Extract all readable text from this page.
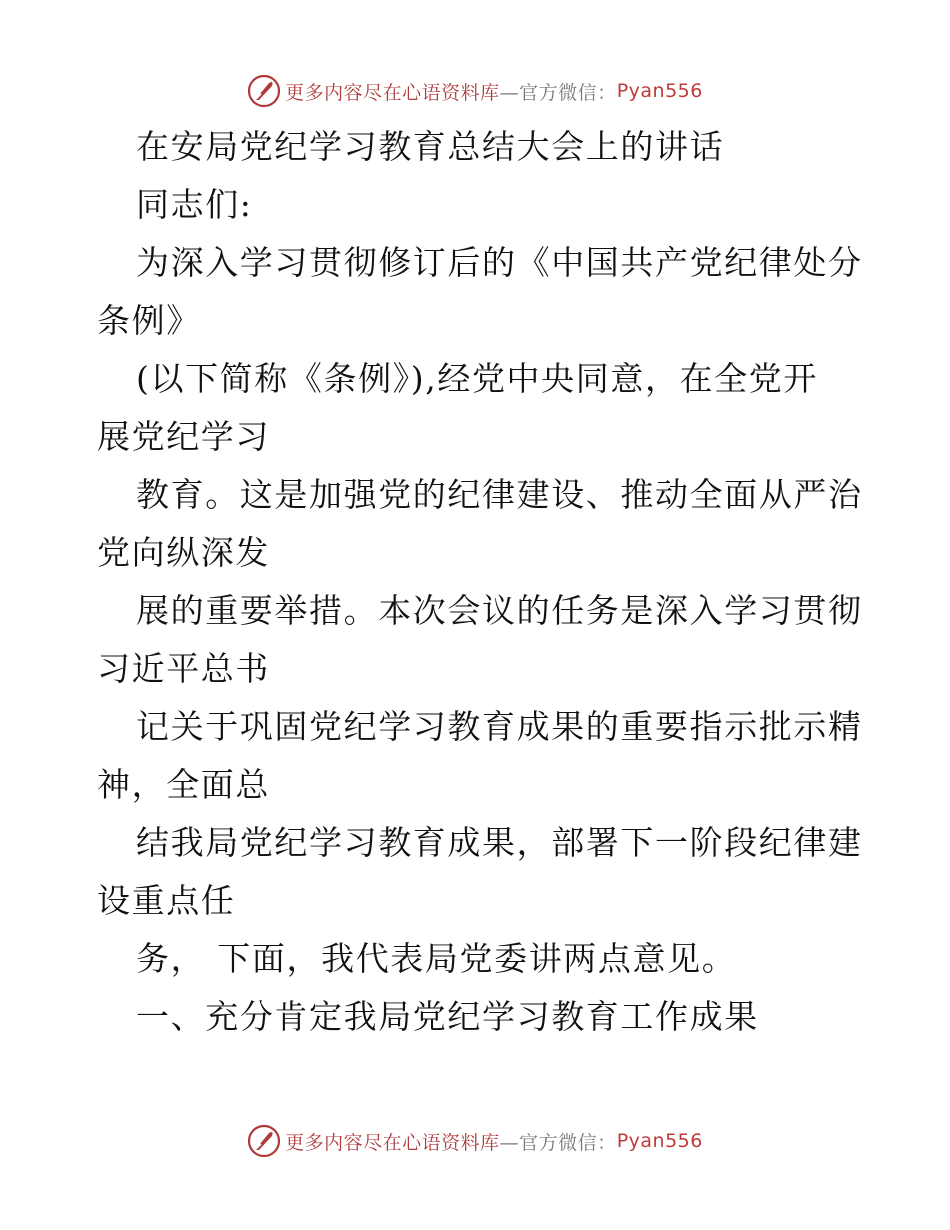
更多内容尽在心语资料库 —官方微信： Pyan556
在安局党纪学习教育总结大会上的讲话
同志们:
为深入学习贯彻修订后的《中国共产党纪律处分
条例》
(以下简称《条例》),经党中央同意，在全党开
展党纪学习
教育。这是加强党的纪律建设、推动全面从严治
党向纵深发
展的重要举措。本次会议的任务是深入学习贯彻
习近平总书
记关于巩固党纪学习教育成果的重要指示批示精
神，全面总
结我局党纪学习教育成果，部署下一阶段纪律建
设重点任
务， 下面，我代表局党委讲两点意见。
一、充分肯定我局党纪学习教育工作成果
更多内容尽在心语资料库 —官方微信： Pyan556
